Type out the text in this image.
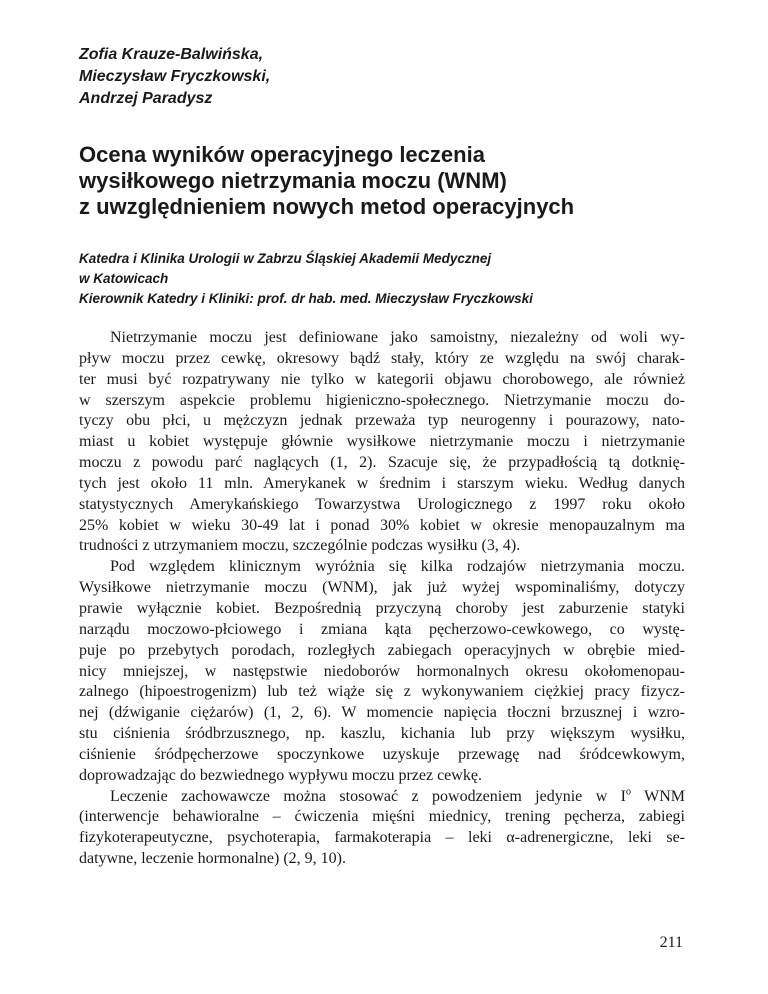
Zofia Krauze-Balwińska,
Mieczysław Fryczkowski,
Andrzej Paradysz
Ocena wyników operacyjnego leczenia
wysiłkowego nietrzymania moczu (WNM)
z uwzględnieniem nowych metod operacyjnych
Katedra i Klinika Urologii w Zabrzu Śląskiej Akademii Medycznej
w Katowicach
Kierownik Katedry i Kliniki: prof. dr hab. med. Mieczysław Fryczkowski

Nietrzymanie moczu jest definiowane jako samoistny, niezależny od woli wy-
pływ moczu przez cewkę, okresowy bądź stały, który ze względu na swój charak-
ter musi być rozpatrywany nie tylko w kategorii objawu chorobowego, ale również
w szerszym aspekcie problemu higieniczno-społecznego. Nietrzymanie moczu do-
tyczy obu płci, u mężczyzn jednak przeważa typ neurogenny i pourazowy, nato-
miast u kobiet występuje głównie wysiłkowe nietrzymanie moczu i nietrzymanie
moczu z powodu parć naglących (1, 2). Szacuje się, że przypadłością tą dotknię-
tych jest około 11 mln. Amerykanek w średnim i starszym wieku. Według danych
statystycznych Amerykańskiego Towarzystwa Urologicznego z 1997 roku około
25% kobiet w wieku 30-49 lat i ponad 30% kobiet w okresie menopauzalnym ma
trudności z utrzymaniem moczu, szczególnie podczas wysiłku (3, 4).

Pod względem klinicznym wyróżnia się kilka rodzajów nietrzymania moczu.
Wysiłkowe nietrzymanie moczu (WNM), jak już wyżej wspominaliśmy, dotyczy
prawie wyłącznie kobiet. Bezpośrednią przyczyną choroby jest zaburzenie statyki
narządu moczowo-płciowego i zmiana kąta pęcherzowo-cewkowego, co wystę-
puje po przebytych porodach, rozległych zabiegach operacyjnych w obrębie mied-
nicy mniejszej, w następstwie niedoborów hormonalnych okresu okołomenopau-
zalnego (hipoestrogenizm) lub też wiąże się z wykonywaniem ciężkiej pracy fizycz-
nej (dźwiganie ciężarów) (1, 2, 6). W momencie napięcia tłoczni brzusznej i wzro-
stu ciśnienia śródbrzusznego, np. kaszlu, kichania lub przy większym wysiłku,
ciśnienie śródpęcherzowe spoczynkowe uzyskuje przewagę nad śródcewkowym,
doprowadzając do bezwiednego wypływu moczu przez cewkę.

Leczenie zachowawcze można stosować z powodzeniem jedynie w $I^o$ WNM
(interwencje behawioralne – ćwiczenia mięśni miednicy, trening pęcherza, zabiegi
fizykoterapeutyczne, psychoterapia, farmakoterapia – leki α-adrenergiczne, leki se-
datywne, leczenie hormonalne) (2, 9, 10).

211
